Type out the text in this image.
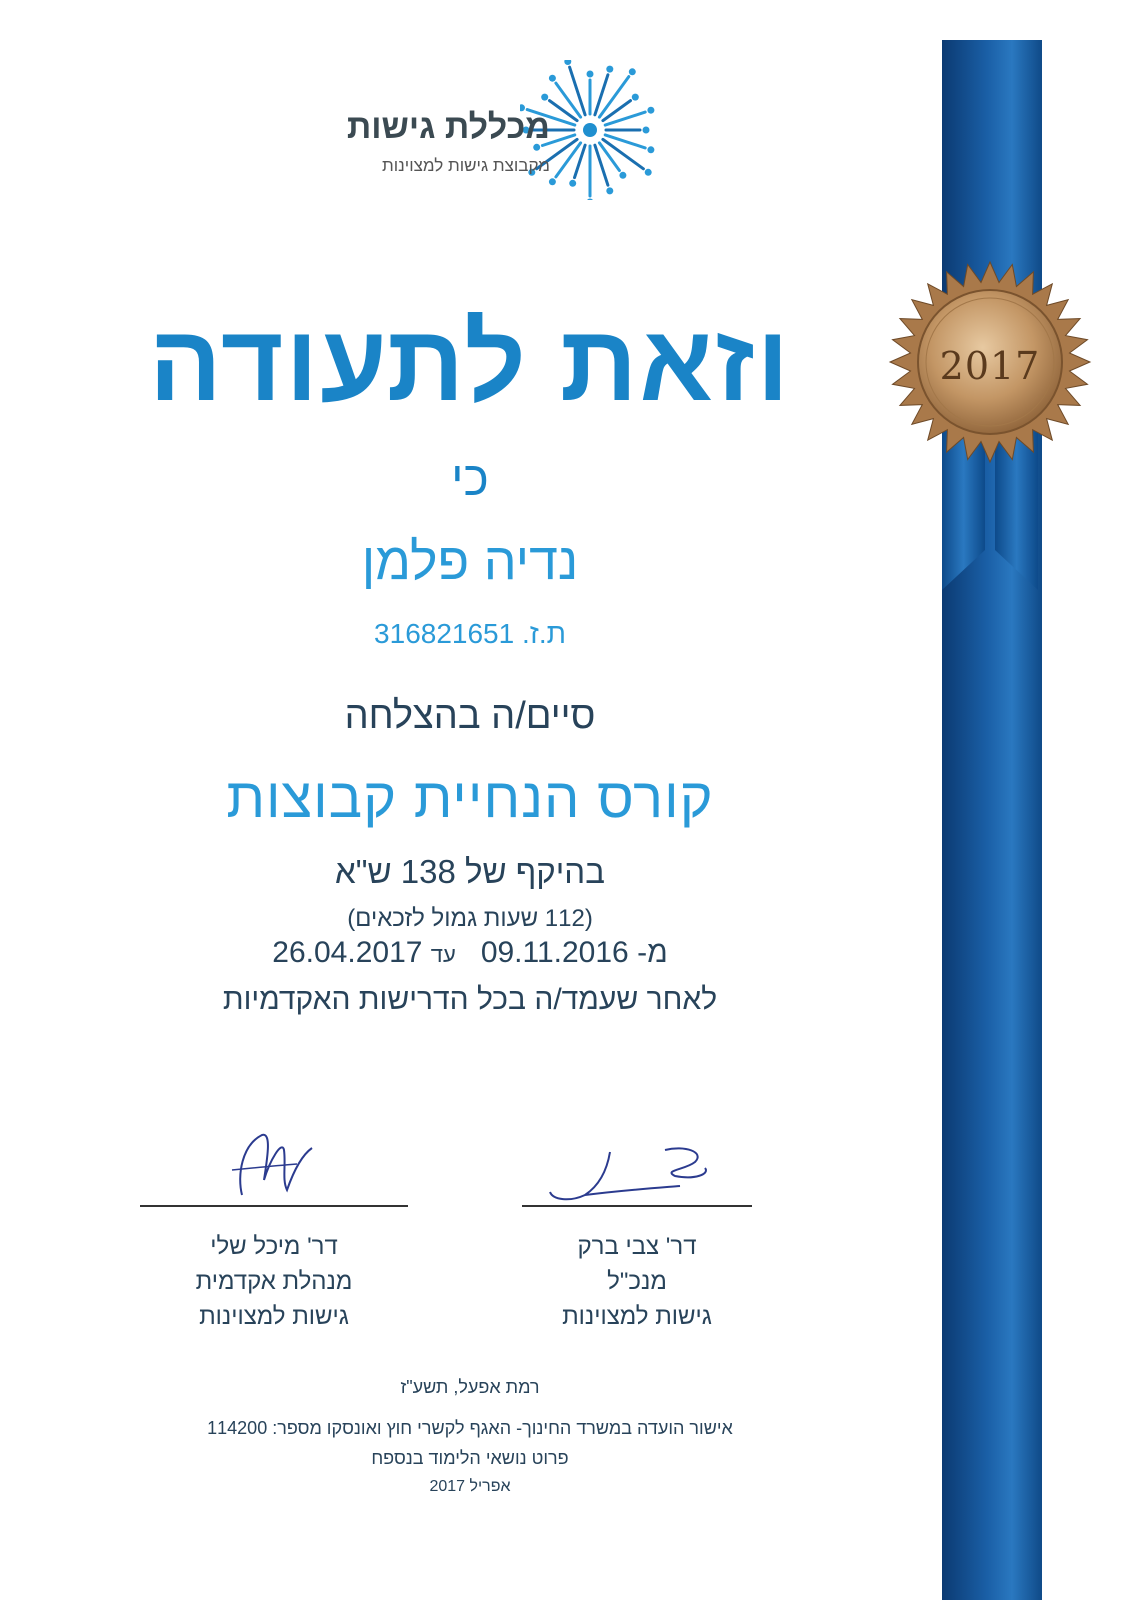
2017
מכללת גישות
מקבוצת גישות למצוינות
וזאת לתעודה
כי
נדיה פלמן
ת.ז. 316821651
סיים/ה בהצלחה
קורס הנחיית קבוצות
בהיקף של 138 ש"א
(112 שעות גמול לזכאים)
מ- 09.11.2016   עד 26.04.2017
לאחר שעמד/ה בכל הדרישות האקדמיות
דר' מיכל שלי
מנהלת אקדמית
גישות למצוינות
דר' צבי ברק
מנכ"ל
גישות למצוינות
רמת אפעל, תשע"ז
אישור הועדה במשרד החינוך- האגף לקשרי חוץ ואונסקו מספר: 114200
פרוט נושאי הלימוד בנספח
אפריל 2017
